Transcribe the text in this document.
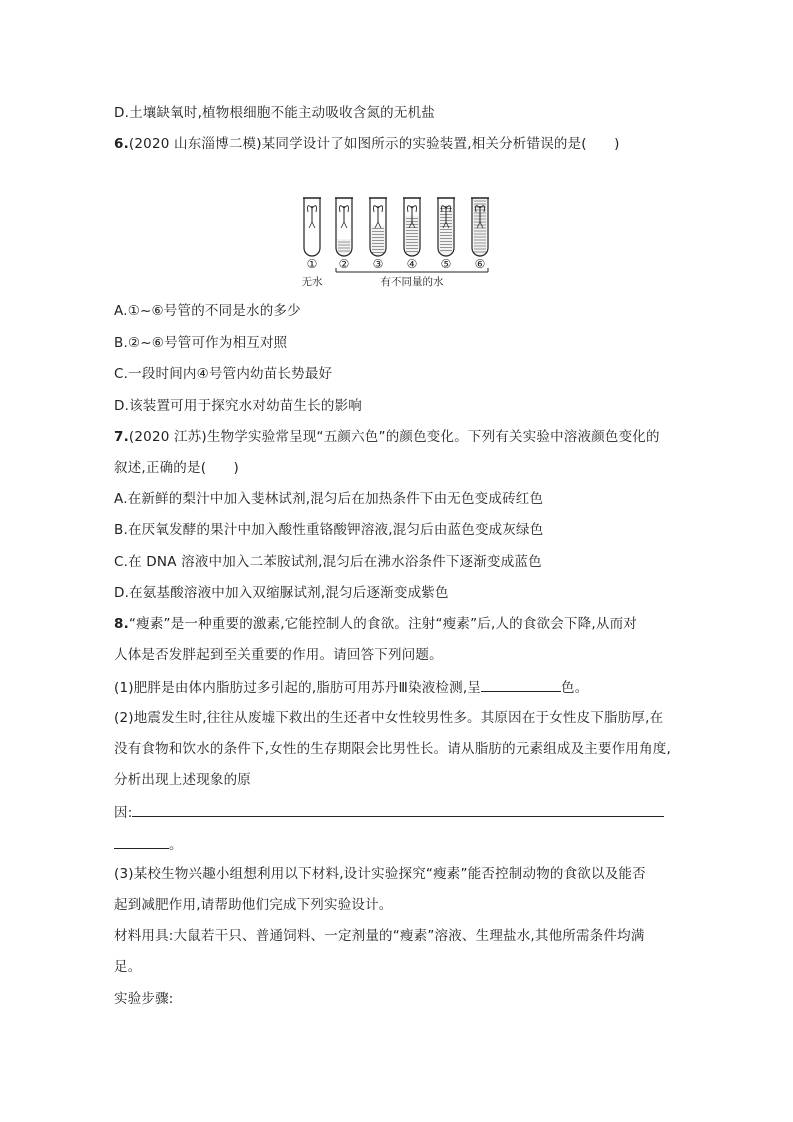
D.土壤缺氧时,植物根细胞不能主动吸收含氮的无机盐
6.(2020 山东淄博二模)某同学设计了如图所示的实验装置,相关分析错误的是(　　)
① ② ③ ④ ⑤ ⑥
无水	有不同量的水
A.①~⑥号管的不同是水的多少
B.②~⑥号管可作为相互对照
C.一段时间内④号管内幼苗长势最好
D.该装置可用于探究水对幼苗生长的影响
7.(2020 江苏)生物学实验常呈现“五颜六色”的颜色变化。下列有关实验中溶液颜色变化的
叙述,正确的是(　　)
A.在新鲜的梨汁中加入斐林试剂,混匀后在加热条件下由无色变成砖红色
B.在厌氧发酵的果汁中加入酸性重铬酸钾溶液,混匀后由蓝色变成灰绿色
C.在 DNA 溶液中加入二苯胺试剂,混匀后在沸水浴条件下逐渐变成蓝色
D.在氨基酸溶液中加入双缩脲试剂,混匀后逐渐变成紫色
8.“瘦素”是一种重要的激素,它能控制人的食欲。注射“瘦素”后,人的食欲会下降,从而对
人体是否发胖起到至关重要的作用。请回答下列问题。
(1)肥胖是由体内脂肪过多引起的,脂肪可用苏丹Ⅲ染液检测,呈	色。
(2)地震发生时,往往从废墟下救出的生还者中女性较男性多。其原因在于女性皮下脂肪厚,在
没有食物和饮水的条件下,女性的生存期限会比男性长。请从脂肪的元素组成及主要作用角度,
分析出现上述现象的原
因:
。
(3)某校生物兴趣小组想利用以下材料,设计实验探究“瘦素”能否控制动物的食欲以及能否
起到减肥作用,请帮助他们完成下列实验设计。
材料用具:大鼠若干只、普通饲料、一定剂量的“瘦素”溶液、生理盐水,其他所需条件均满
足。
实验步骤:
